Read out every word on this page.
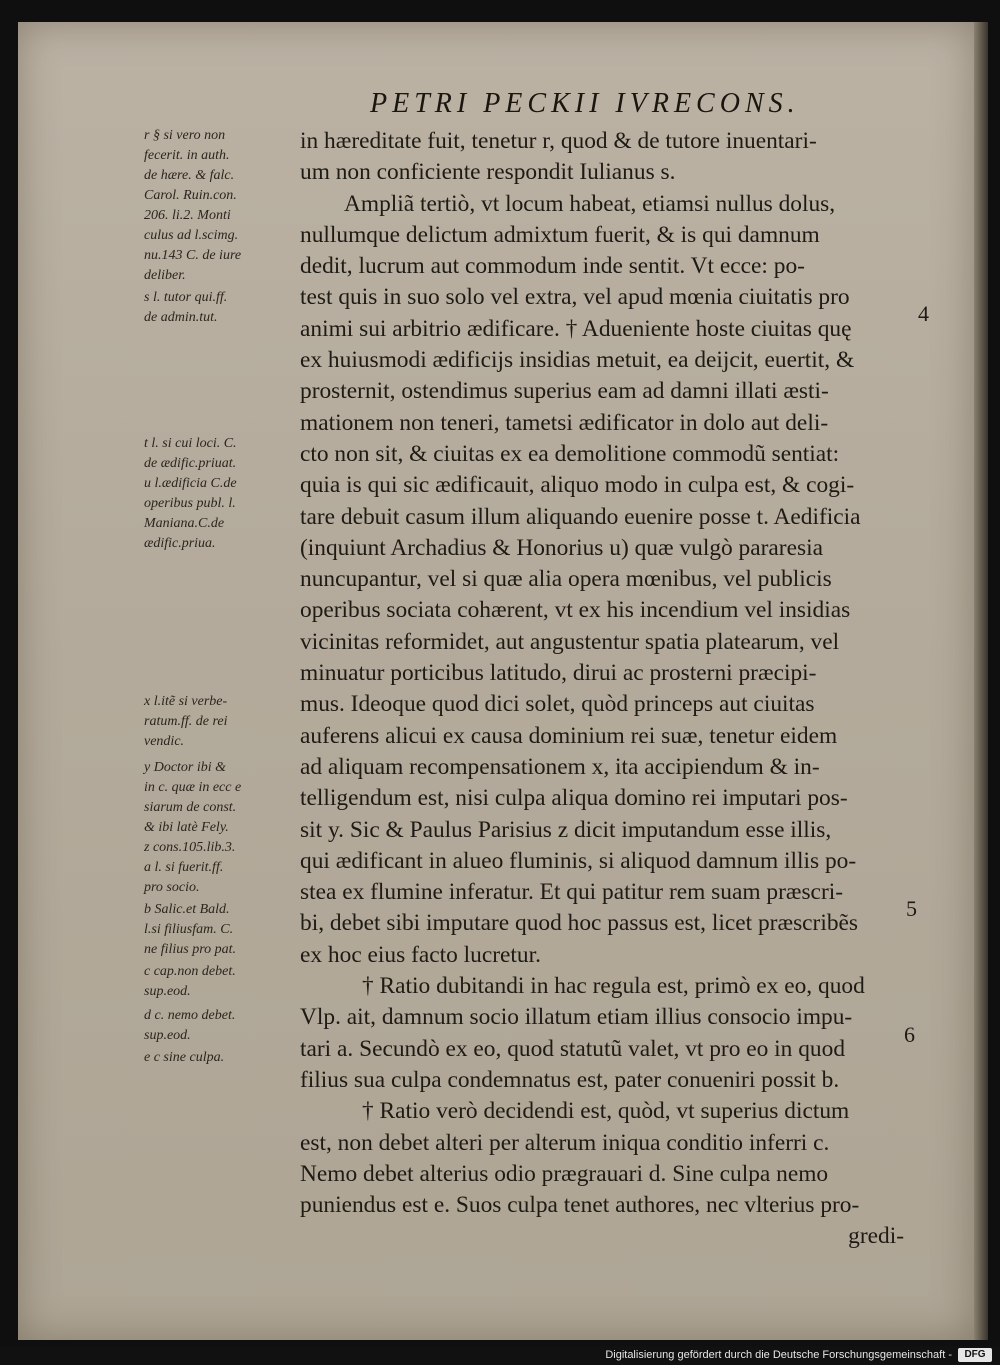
PETRI PECKII IVRECONS.
in hæreditate fuit, tenetur r, quod & de tutore inuentari-
um non conficiente respondit Iulianus s.
Ampliã tertiò, vt locum habeat, etiamsi nullus dolus,
nullumque delictum admixtum fuerit, & is qui damnum
dedit, lucrum aut commodum inde sentit. Vt ecce: po-
test quis in suo solo vel extra, vel apud mœnia ciuitatis pro
animi sui arbitrio ædificare. † Adueniente hoste ciuitas quę
ex huiusmodi ædificijs insidias metuit, ea deijcit, euertit, &
prosternit, ostendimus superius eam ad damni illati æsti-
mationem non teneri, tametsi ædificator in dolo aut deli-
cto non sit, & ciuitas ex ea demolitione commodũ sentiat:
quia is qui sic ædificauit, aliquo modo in culpa est, & cogi-
tare debuit casum illum aliquando euenire posse t. Aedificia
(inquiunt Archadius & Honorius u) quæ vulgò pararesia
nuncupantur, vel si quæ alia opera mœnibus, vel publicis
operibus sociata cohærent, vt ex his incendium vel insidias
vicinitas reformidet, aut angustentur spatia platearum, vel
minuatur porticibus latitudo, dirui ac prosterni præcipi-
mus. Ideoque quod dici solet, quòd princeps aut ciuitas
auferens alicui ex causa dominium rei suæ, tenetur eidem
ad aliquam recompensationem x, ita accipiendum & in-
telligendum est, nisi culpa aliqua domino rei imputari pos-
sit y. Sic & Paulus Parisius z dicit imputandum esse illis,
qui ædificant in alueo fluminis, si aliquod damnum illis po-
stea ex flumine inferatur. Et qui patitur rem suam præscri-
bi, debet sibi imputare quod hoc passus est, licet præscribẽs
ex hoc eius facto lucretur.
† Ratio dubitandi in hac regula est, primò ex eo, quod
Vlp. ait, damnum socio illatum etiam illius consocio impu-
tari a. Secundò ex eo, quod statutũ valet, vt pro eo in quod
filius sua culpa condemnatus est, pater conueniri possit b.
† Ratio verò decidendi est, quòd, vt superius dictum
est, non debet alteri per alterum iniqua conditio inferri c.
Nemo debet alterius odio prægrauari d. Sine culpa nemo
puniendus est e. Suos culpa tenet authores, nec vlterius pro-
gredi-
r § si vero non
fecerit. in auth.
de hære. & falc.
Carol. Ruin.con.
206. li.2. Monti
culus ad l.scimg.
nu.143 C. de iure
deliber.
s l. tutor qui.ff.
de admin.tut.
t l. si cui loci. C.
de ædific.priuat.
u l.ædificia C.de
operibus publ. l.
Maniana.C.de
ædific.priua.
x l.itẽ si verbe-
ratum.ff. de rei
vendic.
y Doctor ibi &
in c. quæ in ecc e
siarum de const.
& ibi latè Fely.
z cons.105.lib.3.
a l. si fuerit.ff.
pro socio.
b Salic.et Bald.
l.si filiusfam. C.
ne filius pro pat.
c cap.non debet.
sup.eod.
d c. nemo debet.
sup.eod.
e c sine culpa.
4
5
6
Digitalisierung gefördert durch die Deutsche Forschungsgemeinschaft -	DFG
